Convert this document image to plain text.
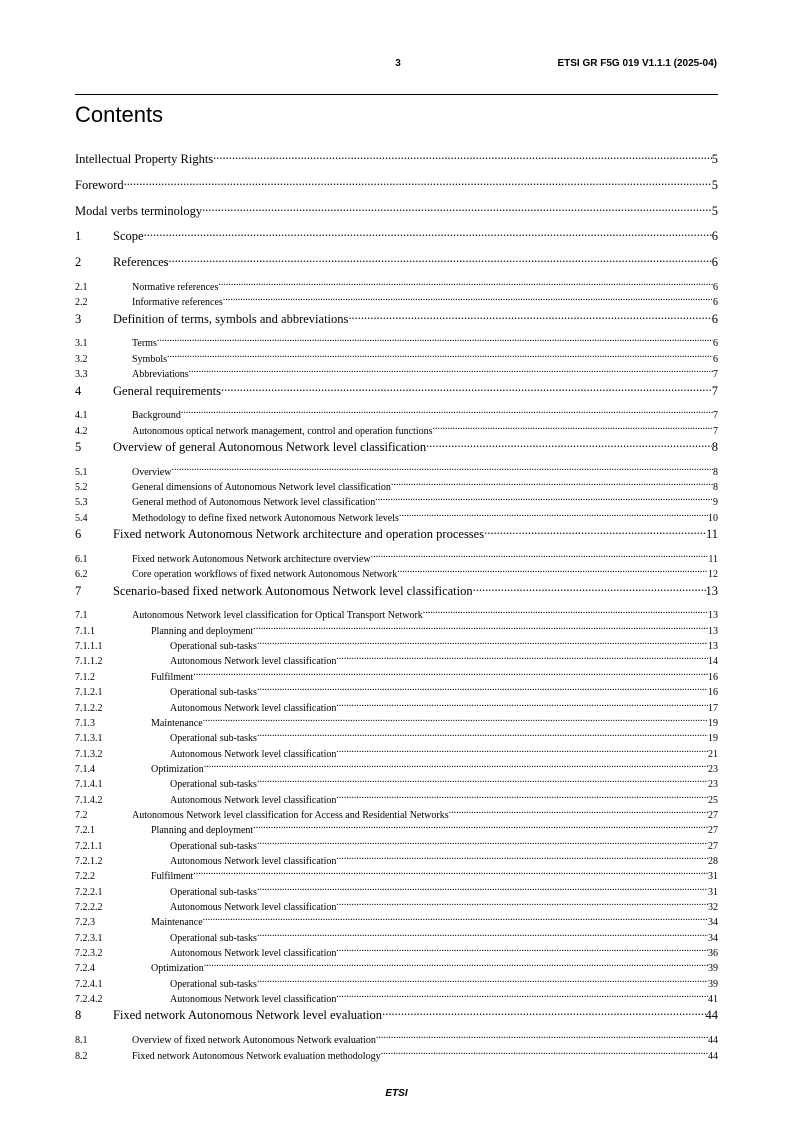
3	ETSI GR F5G 019 V1.1.1 (2025-04)
Contents
Intellectual Property Rights .....	5
Foreword .....	5
Modal verbs terminology .....	5
1	Scope .....	6
2	References .....	6
2.1	Normative references .....	6
2.2	Informative references .....	6
3	Definition of terms, symbols and abbreviations .....	6
3.1	Terms .....	6
3.2	Symbols .....	6
3.3	Abbreviations .....	7
4	General requirements .....	7
4.1	Background .....	7
4.2	Autonomous optical network management, control and operation functions .....	7
5	Overview of general Autonomous Network level classification .....	8
5.1	Overview .....	8
5.2	General dimensions of Autonomous Network level classification .....	8
5.3	General method of Autonomous Network level classification .....	9
5.4	Methodology to define fixed network Autonomous Network levels .....	10
6	Fixed network Autonomous Network architecture and operation processes .....	11
6.1	Fixed network Autonomous Network architecture overview .....	11
6.2	Core operation workflows of fixed network Autonomous Network .....	12
7	Scenario-based fixed network Autonomous Network level classification .....	13
7.1	Autonomous Network level classification for Optical Transport Network .....	13
7.1.1	Planning and deployment .....	13
7.1.1.1	Operational sub-tasks .....	13
7.1.1.2	Autonomous Network level classification .....	14
7.1.2	Fulfilment .....	16
7.1.2.1	Operational sub-tasks .....	16
7.1.2.2	Autonomous Network level classification .....	17
7.1.3	Maintenance .....	19
7.1.3.1	Operational sub-tasks .....	19
7.1.3.2	Autonomous Network level classification .....	21
7.1.4	Optimization .....	23
7.1.4.1	Operational sub-tasks .....	23
7.1.4.2	Autonomous Network level classification .....	25
7.2	Autonomous Network level classification for Access and Residential Networks .....	27
7.2.1	Planning and deployment .....	27
7.2.1.1	Operational sub-tasks .....	27
7.2.1.2	Autonomous Network level classification .....	28
7.2.2	Fulfilment .....	31
7.2.2.1	Operational sub-tasks .....	31
7.2.2.2	Autonomous Network level classification .....	32
7.2.3	Maintenance .....	34
7.2.3.1	Operational sub-tasks .....	34
7.2.3.2	Autonomous Network level classification .....	36
7.2.4	Optimization .....	39
7.2.4.1	Operational sub-tasks .....	39
7.2.4.2	Autonomous Network level classification .....	41
8	Fixed network Autonomous Network level evaluation .....	44
8.1	Overview of fixed network Autonomous Network evaluation .....	44
8.2	Fixed network Autonomous Network evaluation methodology .....	44
ETSI
